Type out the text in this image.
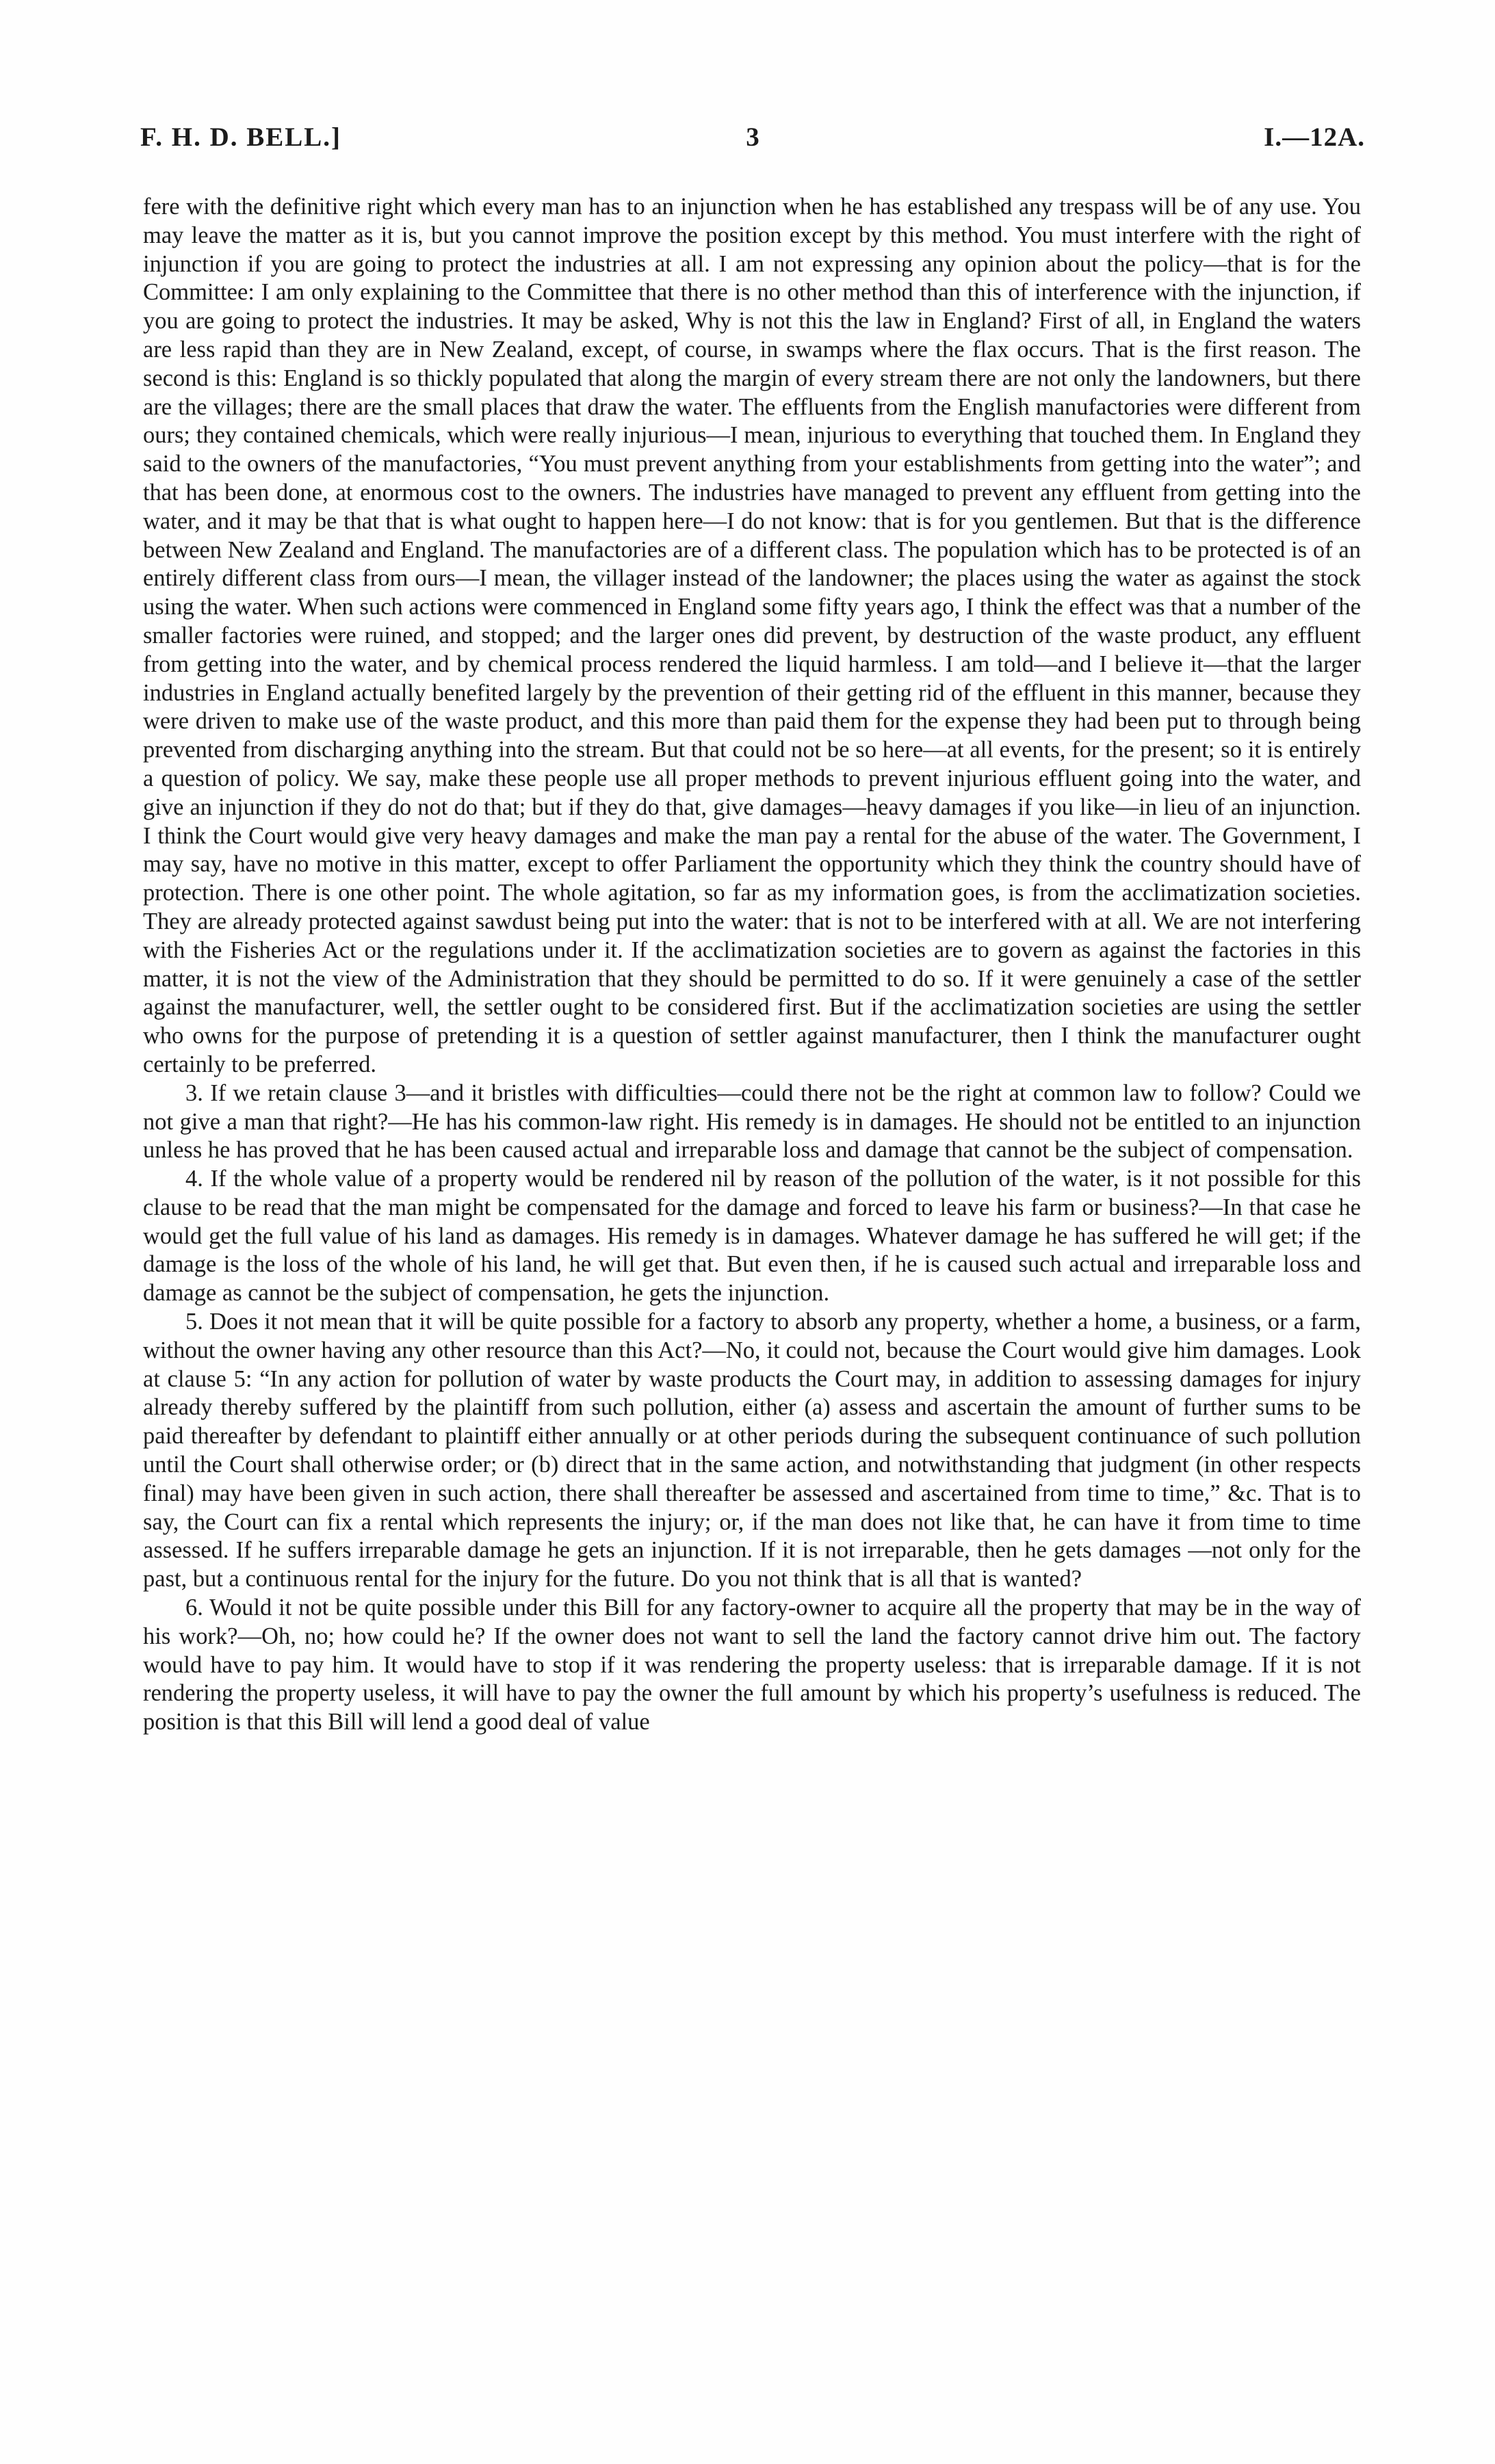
F. H. D. BELL.]	3	I.—12A.

fere with the definitive right which every man has to an injunction when he has established any trespass will be of any use. You may leave the matter as it is, but you cannot improve the position except by this method. You must interfere with the right of injunction if you are going to protect the industries at all. I am not expressing any opinion about the policy—that is for the Committee: I am only explaining to the Committee that there is no other method than this of interference with the injunction, if you are going to protect the industries. It may be asked, Why is not this the law in England? First of all, in England the waters are less rapid than they are in New Zealand, except, of course, in swamps where the flax occurs. That is the first reason. The second is this: England is so thickly populated that along the margin of every stream there are not only the landowners, but there are the villages; there are the small places that draw the water. The effluents from the English manufactories were different from ours; they contained chemicals, which were really injurious—I mean, injurious to everything that touched them. In England they said to the owners of the manufactories, “You must prevent anything from your establishments from getting into the water”; and that has been done, at enormous cost to the owners. The industries have managed to prevent any effluent from getting into the water, and it may be that that is what ought to happen here—I do not know: that is for you gentlemen. But that is the difference between New Zealand and England. The manufactories are of a different class. The population which has to be protected is of an entirely different class from ours—I mean, the villager instead of the landowner; the places using the water as against the stock using the water. When such actions were commenced in England some fifty years ago, I think the effect was that a number of the smaller factories were ruined, and stopped; and the larger ones did prevent, by destruction of the waste product, any effluent from getting into the water, and by chemical process rendered the liquid harmless. I am told—and I believe it—that the larger industries in England actually benefited largely by the prevention of their getting rid of the effluent in this manner, because they were driven to make use of the waste product, and this more than paid them for the expense they had been put to through being prevented from discharging anything into the stream. But that could not be so here—at all events, for the present; so it is entirely a question of policy. We say, make these people use all proper methods to prevent injurious effluent going into the water, and give an injunction if they do not do that; but if they do that, give damages—heavy damages if you like—in lieu of an injunction. I think the Court would give very heavy damages and make the man pay a rental for the abuse of the water. The Government, I may say, have no motive in this matter, except to offer Parliament the opportunity which they think the country should have of protection. There is one other point. The whole agitation, so far as my information goes, is from the acclimatization societies. They are already protected against sawdust being put into the water: that is not to be interfered with at all. We are not interfering with the Fisheries Act or the regulations under it. If the acclimatization societies are to govern as against the factories in this matter, it is not the view of the Administration that they should be permitted to do so. If it were genuinely a case of the settler against the manufacturer, well, the settler ought to be considered first. But if the acclimatization societies are using the settler who owns for the purpose of pretending it is a question of settler against manufacturer, then I think the manufacturer ought certainly to be preferred.

3. If we retain clause 3—and it bristles with difficulties—could there not be the right at common law to follow? Could we not give a man that right?—He has his common-law right. His remedy is in damages. He should not be entitled to an injunction unless he has proved that he has been caused actual and irreparable loss and damage that cannot be the subject of compensation.

4. If the whole value of a property would be rendered nil by reason of the pollution of the water, is it not possible for this clause to be read that the man might be compensated for the damage and forced to leave his farm or business?—In that case he would get the full value of his land as damages. His remedy is in damages. Whatever damage he has suffered he will get; if the damage is the loss of the whole of his land, he will get that. But even then, if he is caused such actual and irreparable loss and damage as cannot be the subject of compensation, he gets the injunction.

5. Does it not mean that it will be quite possible for a factory to absorb any property, whether a home, a business, or a farm, without the owner having any other resource than this Act?—No, it could not, because the Court would give him damages. Look at clause 5: “In any action for pollution of water by waste products the Court may, in addition to assessing damages for injury already thereby suffered by the plaintiff from such pollution, either (a) assess and ascertain the amount of further sums to be paid thereafter by defendant to plaintiff either annually or at other periods during the subsequent continuance of such pollution until the Court shall otherwise order; or (b) direct that in the same action, and notwithstanding that judgment (in other respects final) may have been given in such action, there shall thereafter be assessed and ascertained from time to time,” &c. That is to say, the Court can fix a rental which represents the injury; or, if the man does not like that, he can have it from time to time assessed. If he suffers irreparable damage he gets an injunction. If it is not irreparable, then he gets damages —not only for the past, but a continuous rental for the injury for the future. Do you not think that is all that is wanted?

6. Would it not be quite possible under this Bill for any factory-owner to acquire all the property that may be in the way of his work?—Oh, no; how could he? If the owner does not want to sell the land the factory cannot drive him out. The factory would have to pay him. It would have to stop if it was rendering the property useless: that is irreparable damage. If it is not rendering the property useless, it will have to pay the owner the full amount by which his property’s usefulness is reduced. The position is that this Bill will lend a good deal of value
